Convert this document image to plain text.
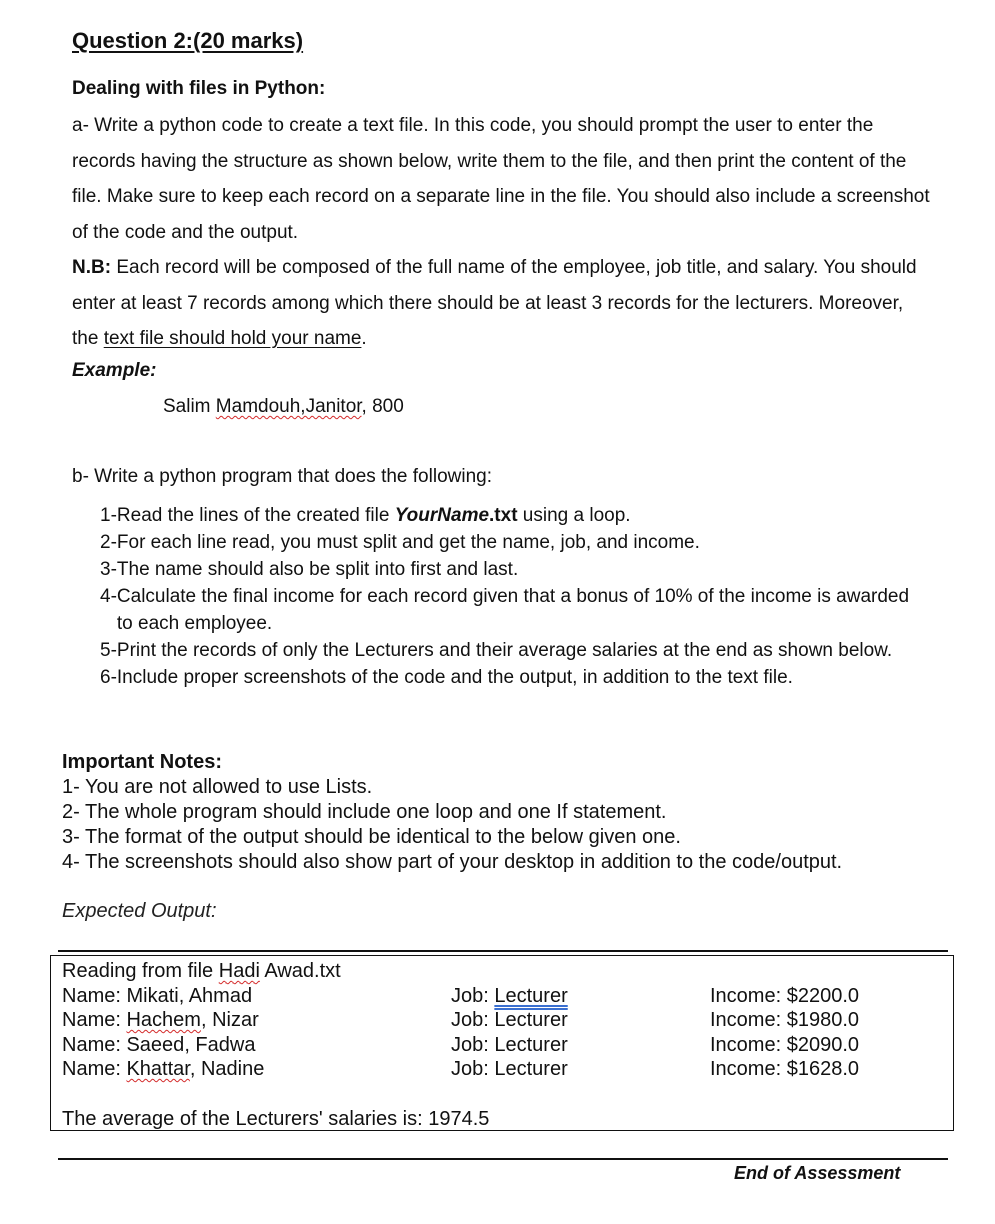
Question 2:(20 marks)
Dealing with files in Python:
a- Write a python code to create a text file. In this code, you should prompt the user to enter the records having the structure as shown below, write them to the file, and then print the content of the file. Make sure to keep each record on a separate line in the file. You should also include a screenshot of the code and the output.
N.B: Each record will be composed of the full name of the employee, job title, and salary. You should enter at least 7 records among which there should be at least 3 records for the lecturers. Moreover, the text file should hold your name.
Example:
Salim Mamdouh,Janitor, 800
b- Write a python program that does the following:
1- Read the lines of the created file YourName.txt using a loop.
2- For each line read, you must split and get the name, job, and income.
3- The name should also be split into first and last.
4- Calculate the final income for each record given that a bonus of 10% of the income is awarded to each employee.
5- Print the records of only the Lecturers and their average salaries at the end as shown below.
6- Include proper screenshots of the code and the output, in addition to the text file.
Important Notes:
1- You are not allowed to use Lists.
2- The whole program should include one loop and one If statement.
3- The format of the output should be identical to the below given one.
4- The screenshots should also show part of your desktop in addition to the code/output.
Expected Output:
Reading from file Hadi Awad.txt
Name: Mikati, Ahmad	Job: Lecturer	Income: $2200.0
Name: Hachem, Nizar	Job: Lecturer	Income: $1980.0
Name: Saeed, Fadwa	Job: Lecturer	Income: $2090.0
Name: Khattar, Nadine	Job: Lecturer	Income: $1628.0
The average of the Lecturers' salaries is: 1974.5
End of Assessment
